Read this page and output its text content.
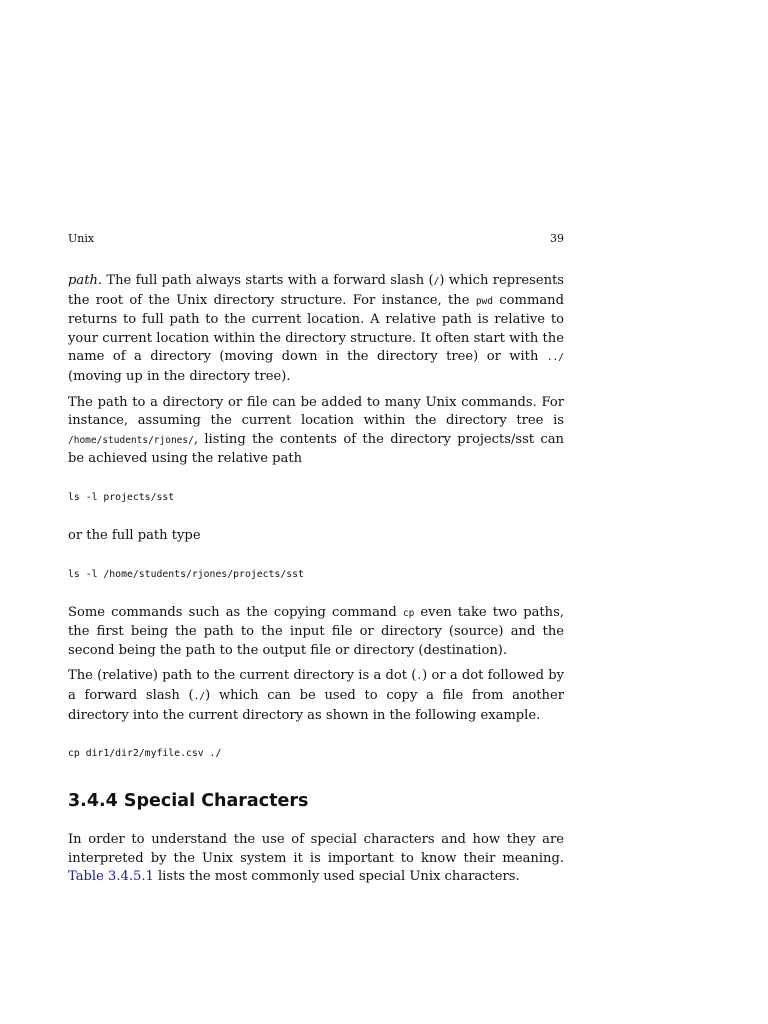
Unix	39

path. The full path always starts with a forward slash (/) which represents the root of the Unix directory structure. For instance, the pwd command returns to full path to the current location. A relative path is relative to your current location within the directory structure. It often start with the name of a directory (moving down in the directory tree) or with ../ (moving up in the directory tree).

The path to a directory or file can be added to many Unix commands. For instance, assuming the current location within the directory tree is /home/students/rjones/, listing the contents of the directory projects/sst can be achieved using the relative path

ls -l projects/sst

or the full path type

ls -l /home/students/rjones/projects/sst

Some commands such as the copying command cp even take two paths, the first being the path to the input file or directory (source) and the second being the path to the output file or directory (destination).

The (relative) path to the current directory is a dot (.) or a dot followed by a forward slash (./) which can be used to copy a file from another directory into the current directory as shown in the following example.

cp dir1/dir2/myfile.csv ./
3.4.4 Special Characters

In order to understand the use of special characters and how they are interpreted by the Unix system it is important to know their meaning. Table 3.4.5.1 lists the most commonly used special Unix characters.
